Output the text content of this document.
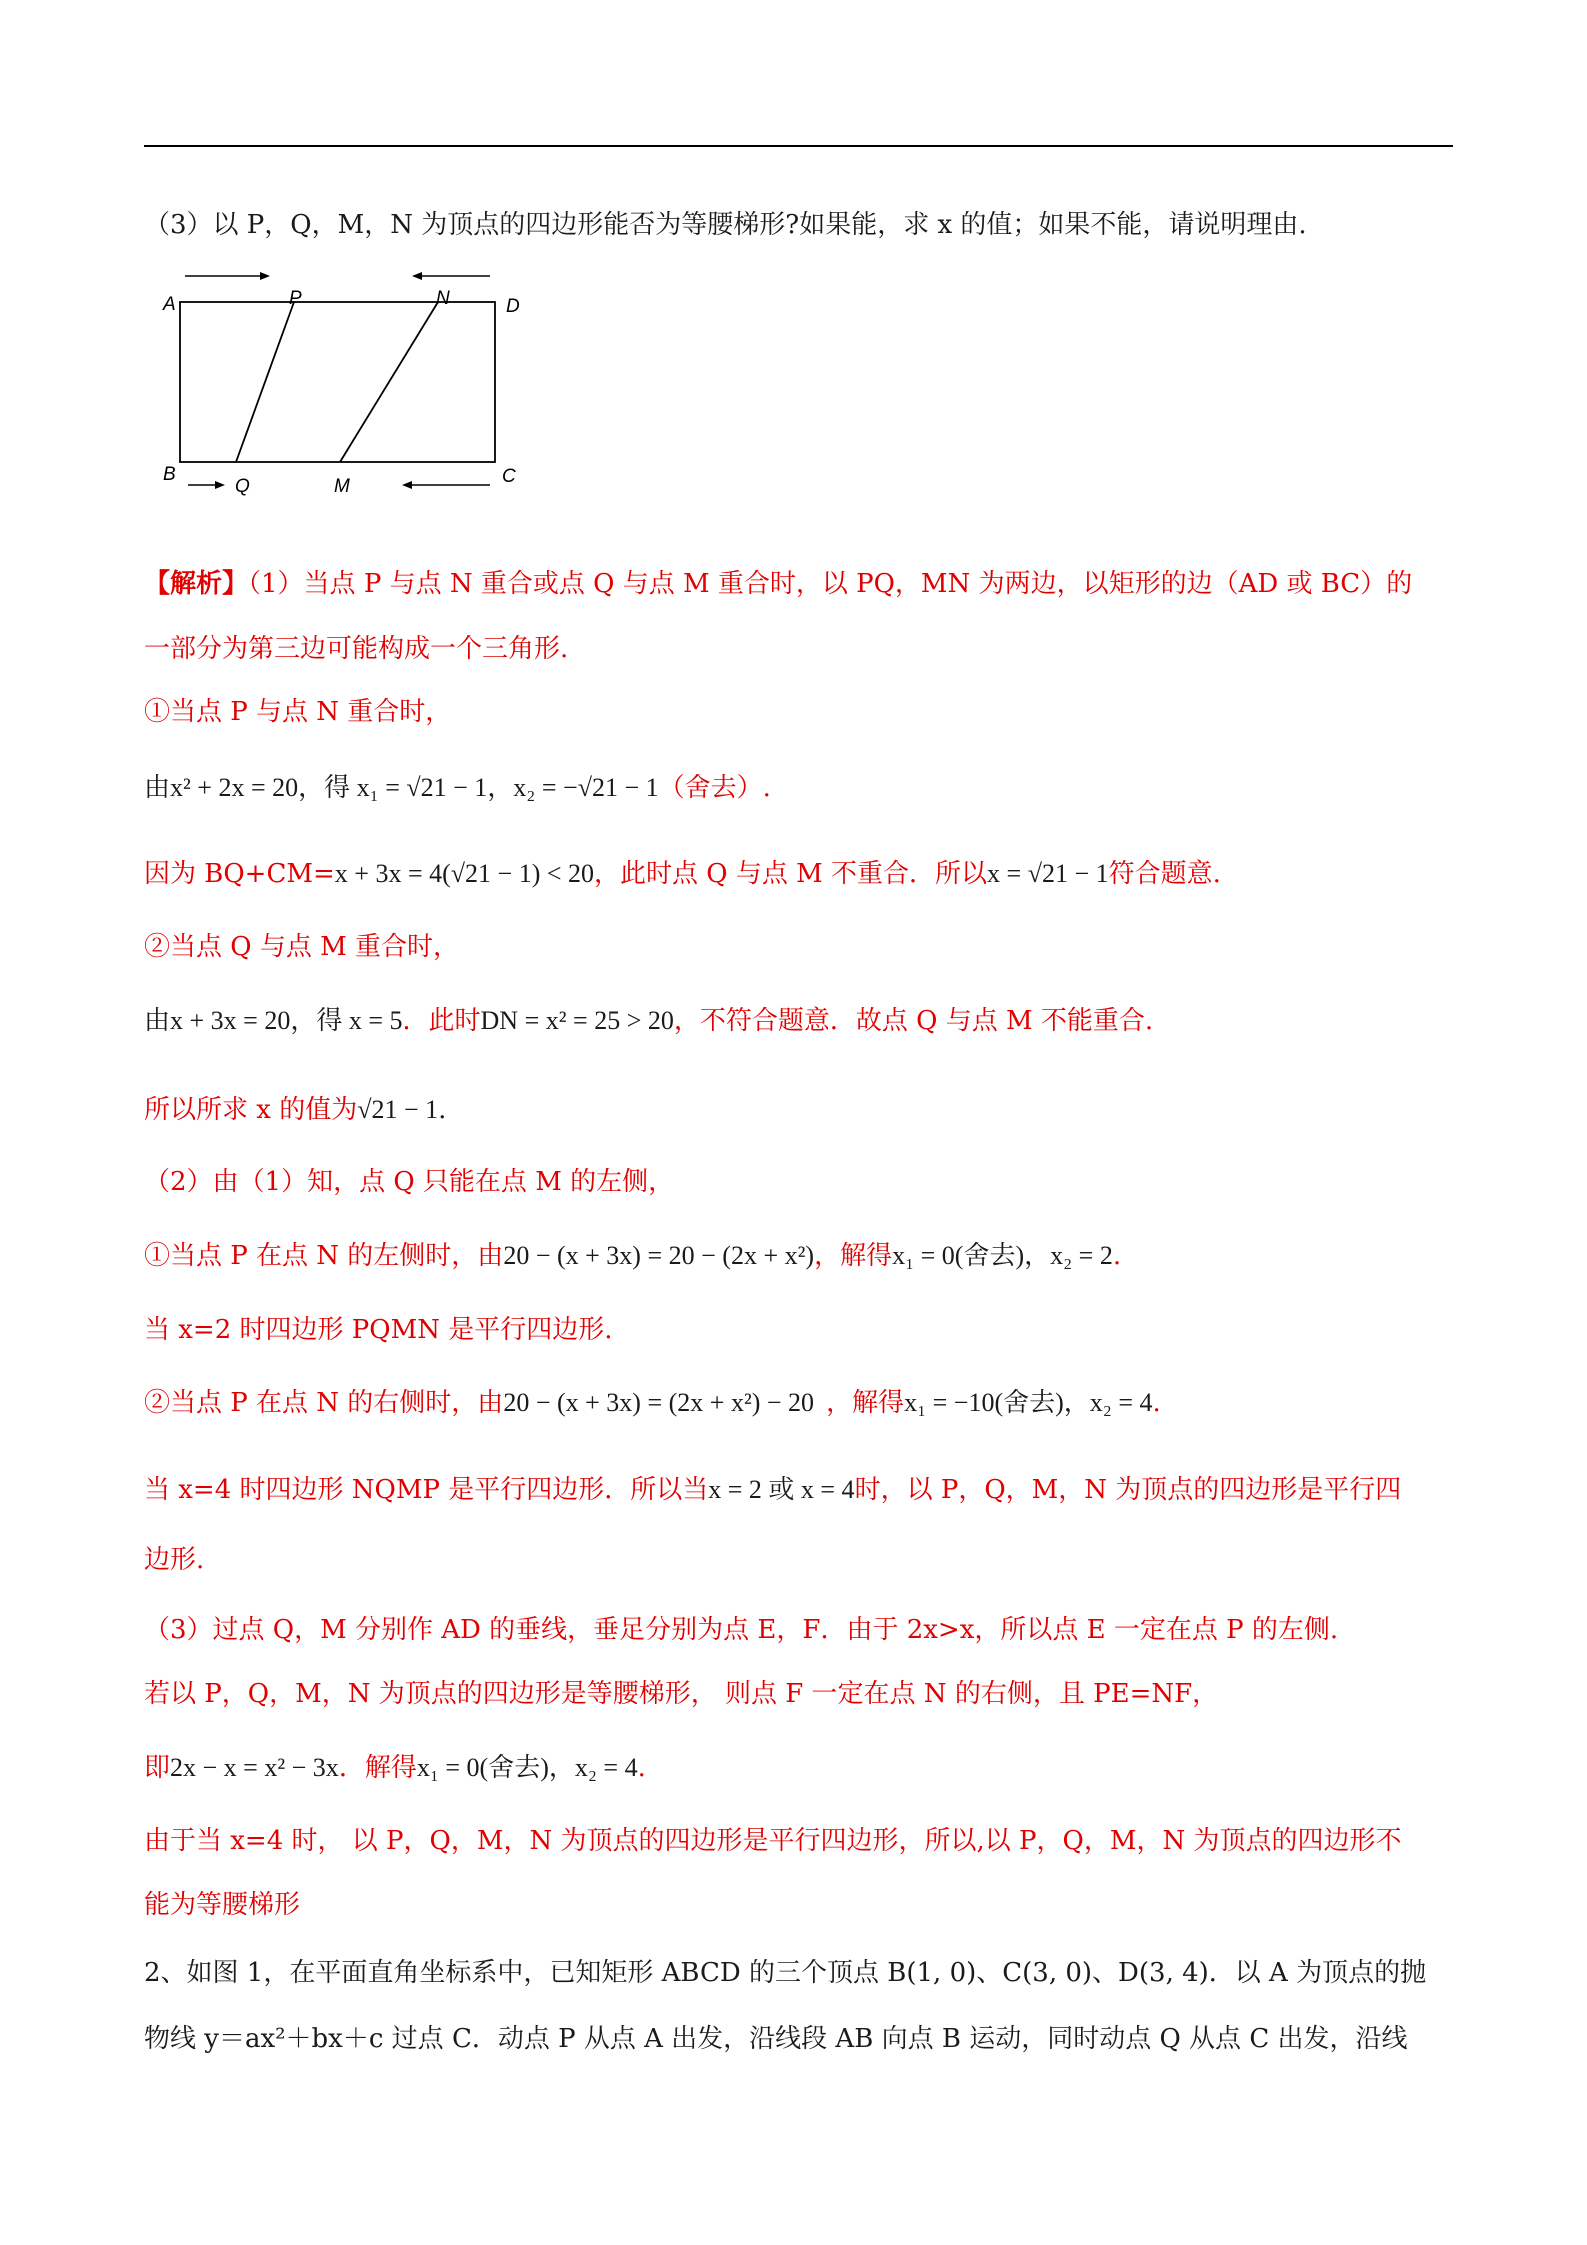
（3）以 P，Q，M，N 为顶点的四边形能否为等腰梯形?如果能，求 x 的值；如果不能，请说明理由.
A	P	N	D
B
Q	M	C
【解析】（1）当点 P 与点 N 重合或点 Q 与点 M 重合时，以 PQ，MN 为两边，以矩形的边（AD 或 BC）的
一部分为第三边可能构成一个三角形.
①当点 P 与点 N 重合时，
由x² + 2x = 20，得 x₁ = √21 − 1，x₂ = −√21 − 1（舍去）.
因为 BQ+CM=x + 3x = 4(√21 − 1) < 20，此时点 Q 与点 M 不重合．所以x = √21 − 1符合题意.
②当点 Q 与点 M 重合时，
由x + 3x = 20，得 x = 5．此时DN = x² = 25 > 20，不符合题意．故点 Q 与点 M 不能重合.
所以所求 x 的值为√21 − 1.
（2）由（1）知，点 Q 只能在点 M 的左侧，
①当点 P 在点 N 的左侧时，由20 − (x + 3x) = 20 − (2x + x²)，解得x₁ = 0(舍去)，x₂ = 2.
当 x=2 时四边形 PQMN 是平行四边形.
②当点 P 在点 N 的右侧时，由20 − (x + 3x) = (2x + x²) − 20 ，解得x₁ = −10(舍去)，x₂ = 4.
当 x=4 时四边形 NQMP 是平行四边形．所以当x = 2 或 x = 4时，以 P，Q，M，N 为顶点的四边形是平行四
边形.
（3）过点 Q，M 分别作 AD 的垂线，垂足分别为点 E，F．由于 2x>x，所以点 E 一定在点 P 的左侧.
若以 P，Q，M，N 为顶点的四边形是等腰梯形， 则点 F 一定在点 N 的右侧，且 PE=NF，
即2x − x = x² − 3x．解得x₁ = 0(舍去)，x₂ = 4.
由于当 x=4 时， 以 P，Q，M，N 为顶点的四边形是平行四边形，所以,以 P，Q，M，N 为顶点的四边形不
能为等腰梯形
2、如图 1，在平面直角坐标系中，已知矩形 ABCD 的三个顶点 B(1, 0)、C(3, 0)、D(3, 4)．以 A 为顶点的抛
物线 y＝ax²＋bx＋c 过点 C．动点 P 从点 A 出发，沿线段 AB 向点 B 运动，同时动点 Q 从点 C 出发，沿线
